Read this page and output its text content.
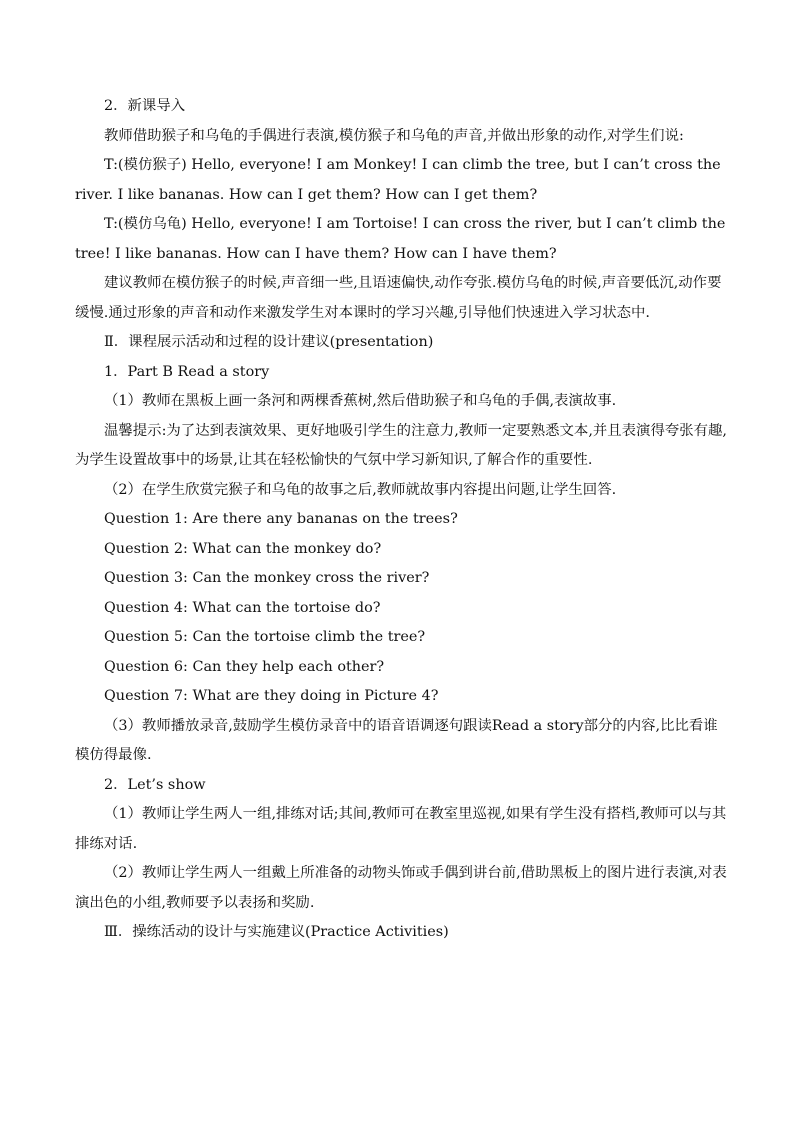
2．新课导入

教师借助猴子和乌龟的手偶进行表演,模仿猴子和乌龟的声音,并做出形象的动作,对学生们说:

T:(模仿猴子) Hello, everyone! I am Monkey! I can climb the tree, but I can’t cross the river. I like bananas. How can I get them? How can I get them?

T:(模仿乌龟) Hello, everyone! I am Tortoise! I can cross the river, but I can’t climb the tree! I like bananas. How can I have them? How can I have them?

建议教师在模仿猴子的时候,声音细一些,且语速偏快,动作夸张.模仿乌龟的时候,声音要低沉,动作要缓慢.通过形象的声音和动作来激发学生对本课时的学习兴趣,引导他们快速进入学习状态中.

Ⅱ．课程展示活动和过程的设计建议(presentation)

1．Part B Read a story

（1）教师在黑板上画一条河和两棵香蕉树,然后借助猴子和乌龟的手偶,表演故事.

温馨提示:为了达到表演效果、更好地吸引学生的注意力,教师一定要熟悉文本,并且表演得夸张有趣,为学生设置故事中的场景,让其在轻松愉快的气氛中学习新知识,了解合作的重要性.

（2）在学生欣赏完猴子和乌龟的故事之后,教师就故事内容提出问题,让学生回答.

Question 1: Are there any bananas on the trees?

Question 2: What can the monkey do?

Question 3: Can the monkey cross the river?

Question 4: What can the tortoise do?

Question 5: Can the tortoise climb the tree?

Question 6: Can they help each other?

Question 7: What are they doing in Picture 4?

（3）教师播放录音,鼓励学生模仿录音中的语音语调逐句跟读Read a story部分的内容,比比看谁模仿得最像.

2．Let’s show

（1）教师让学生两人一组,排练对话;其间,教师可在教室里巡视,如果有学生没有搭档,教师可以与其排练对话.

（2）教师让学生两人一组戴上所准备的动物头饰或手偶到讲台前,借助黑板上的图片进行表演,对表演出色的小组,教师要予以表扬和奖励.

Ⅲ．操练活动的设计与实施建议(Practice Activities)
